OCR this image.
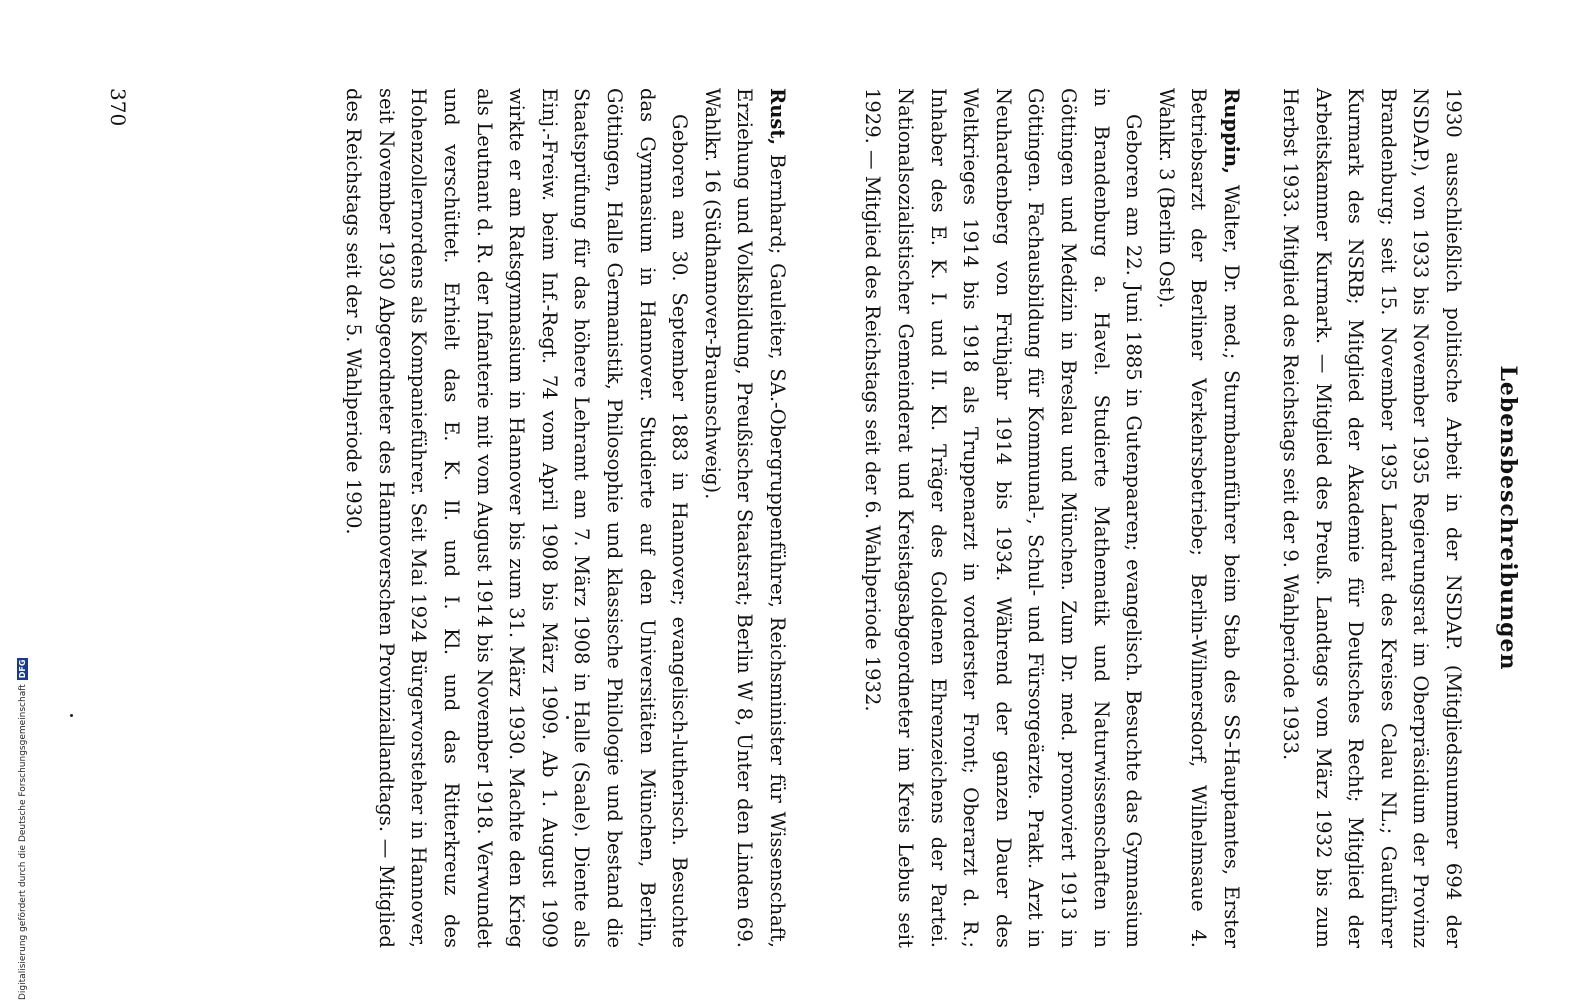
Lebensbeschreibungen

1930 ausschließlich politische Arbeit in der NSDAP. (Mitgliedsnummer 694 der NSDAP.), von 1933 bis November 1935 Regierungsrat im Oberpräsidium der Provinz Brandenburg; seit 15. November 1935 Landrat des Kreises Calau NL.; Gauführer Kurmark des NSRB; Mitglied der Akademie für Deutsches Recht; Mitglied der Arbeitskammer Kurmark. — Mitglied des Preuß. Landtags vom März 1932 bis zum Herbst 1933. Mitglied des Reichstags seit der 9. Wahlperiode 1933.

Ruppin, Walter, Dr. med.; Sturmbannführer beim Stab des SS-Hauptamtes, Erster Betriebsarzt der Berliner Verkehrsbetriebe; Berlin-Wilmersdorf, Wilhelmsaue 4. Wahlkr. 3 (Berlin Ost).

Geboren am 22. Juni 1885 in Gutenpaaren; evangelisch. Besuchte das Gymnasium in Brandenburg a. Havel. Studierte Mathematik und Naturwissenschaften in Göttingen und Medizin in Breslau und München. Zum Dr. med. promoviert 1913 in Göttingen. Fachausbildung für Kommunal-, Schul- und Fürsorgeärzte. Prakt. Arzt in Neuhardenberg von Frühjahr 1914 bis 1934. Während der ganzen Dauer des Weltkrieges 1914 bis 1918 als Truppenarzt in vorderster Front; Oberarzt d. R.; Inhaber des E. K. I. und II. Kl. Träger des Goldenen Ehrenzeichens der Partei. Nationalsozialistischer Gemeinderat und Kreistagsabgeordneter im Kreis Lebus seit 1929. — Mitglied des Reichstags seit der 6. Wahlperiode 1932.

Rust, Bernhard; Gauleiter, SA.-Obergruppenführer, Reichsminister für Wissenschaft, Erziehung und Volksbildung, Preußischer Staatsrat; Berlin W 8, Unter den Linden 69. Wahlkr. 16 (Südhannover-Braunschweig).

Geboren am 30. September 1883 in Hannover; evangelisch-lutherisch. Besuchte das Gymnasium in Hannover. Studierte auf den Universitäten München, Berlin, Göttingen, Halle Germanistik, Philosophie und klassische Philologie und bestand die Staatsprüfung für das höhere Lehramt am 7. März 1908 in Halle (Saale). Diente als Einj.-Freiw. beim Inf.-Regt. 74 vom April 1908 bis März 1909. Ab 1. August 1909 wirkte er am Ratsgymnasium in Hannover bis zum 31. März 1930. Machte den Krieg als Leutnant d. R. der Infanterie mit vom August 1914 bis November 1918. Verwundet und verschüttet. Erhielt das E. K. II. und I. Kl. und das Ritterkreuz des Hohenzollernordens als Kompanieführer. Seit Mai 1924 Bürgervorsteher in Hannover, seit November 1930 Abgeordneter des Hannoverschen Provinziallandtags. — Mitglied des Reichstags seit der 5. Wahlperiode 1930.

370
Digitalisierung gefördert durch die Deutsche ForschungsgemeinschaftDFG
